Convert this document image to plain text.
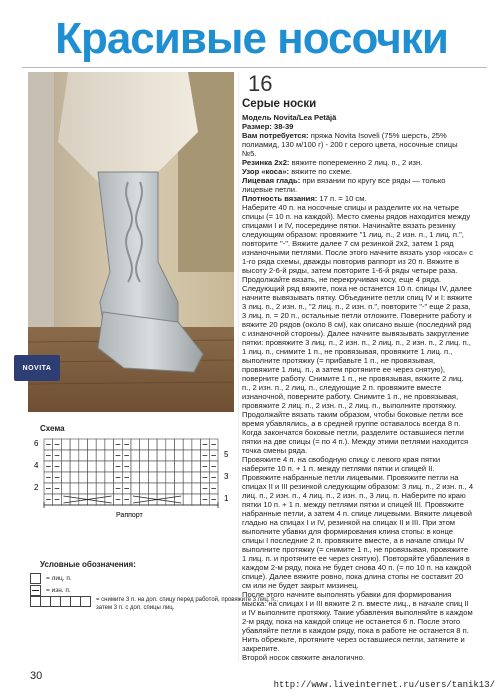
Красивые носочки
NOVITA
16
Серые носки

Модель Novita/Lea Petäjä

Размер: 38-39

Вам потребуется: пряжа Novita Isoveli (75% шерсть, 25% полиамид, 130 м/100 г) - 200 г серого цвета, носочные спицы №5.

Резинка 2х2: вяжите попеременно 2 лиц. п., 2 изн.

Узор «коса»: вяжите по схеме.

Лицевая гладь: при вязании по кругу все ряды — только лицевые петли.

Плотность вязания: 17 п. = 10 см.

Наберите 40 п. на носочные спицы и разделите их на четыре спицы (= 10 п. на каждой). Место смены рядов находится между спицами I и IV, посередине пятки. Начинайте вязать резинку следующим образом: провяжите "1 лиц. п., 2 изн. п., 1 лиц. п.", повторите "-". Вяжите далее 7 см резинкой 2х2, затем 1 ряд изнаночными петлями. После этого начните вязать узор «коса» с 1-го ряда схемы, дважды повторив раппорт из 20 п. Вяжите в высоту 2-6-й ряды, затем повторите 1-6-й ряды четыре раза. Продолжайте вязать, не перекручивая косу, еще 4 ряда.

Следующий ряд вяжите, пока не останется 10 п. спицы IV, далее начните вывязывать пятку. Объедините петли спиц IV и I: вяжите 3 лиц. п., 2 изн. п., "2 лиц. п., 2 изн. п.", повторите "-" еще 2 раза, 3 лиц. п. = 20 п., остальные петли отложите. Поверните работу и вяжите 20 рядов (около 8 см), как описано выше (последний ряд с изнаночной стороны). Далее начните вывязывать закругление пятки: провяжите 3 лиц. п., 2 изн. п., 2 лиц. п., 2 изн. п., 2 лиц. п., 1 лиц. п., снимите 1 п., не провязывая, провяжите 1 лиц. п., выполните протяжку (= прибавьте 1 п., не провязывая, провяжите 1 лиц. п., а затем протяните ее через снятую), поверните работу. Снимите 1 п., не провязывая, вяжите 2 лиц. п., 2 изн. п., 2 лиц. п., следующие 2 п. провяжите вместе изнаночной, поверните работу. Снимите 1 п., не провязывая, провяжите 2 лиц. п., 2 изн. п., 2 лиц. п., выполните протяжку. Продолжайте вязать таким образом, чтобы боковые петли все время убавлялись, а в средней группе оставалось всегда 8 п. Когда закончатся боковые петли, разделите оставшиеся петли пятки на две спицы (= по 4 п.). Между этими петлями находится точка смены ряда.

Провяжите 4 п. на свободную спицу с левого края пятки наберите 10 п. + 1 п. между петлями пятки и спицей II. Провяжите набранные петли лицевыми. Провяжите петли на спицах II и III резинкой следующим образом: 3 лиц. п., 2 изн. п., 4 лиц. п., 2 изн. п., 4 лиц. п., 2 изн. п., 3 лиц. п. Наберите по краю пятки 10 п. + 1 п. между петлями пятки и спицей III. Провяжите набранные петли, а затем 4 п. спице лицевыми. Вяжите лицевой гладью на спицах I и IV, резинкой на спицах II и III. При этом выполните убавки для формирования клина стопы: в конце спицы I последние 2 п. провяжите вместе, а в начале спицы IV выполните протяжку (= снимите 1 п., не провязывая, провяжите 1 лиц. п. и протяните ее через снятую). Повторяйте убавления в каждом 2-м ряду, пока не будет снова 40 п. (= по 10 п. на каждой спице). Далее вяжите ровно, пока длина стопы не составит 20 см или не будет закрыт мизинец.

После этого начните выполнять убавки для формирования мыска: на спицах I и III вяжите 2 п. вместе лиц., в начале спиц II и IV выполните протяжку. Такие убавления выполняйте в каждом 2-м ряду, пока на каждой спице не останется 6 п. После этого убавляйте петли в каждом ряду, пока в работе не останется 8 п. Нить обрежьте, протяните через оставшиеся петли, затяните и закрепите.

Второй носок свяжите аналогично.

Схема
6
4
2
5
3
1
Раппорт
Условные обозначения:
= лиц. п.
= изн. п.
= снимите 3 п. на доп. спицу перед работой, провяжите 3 лиц. п., затем 3 п. с доп. спицы лиц.
30
http://www.liveinternet.ru/users/tanik13/
